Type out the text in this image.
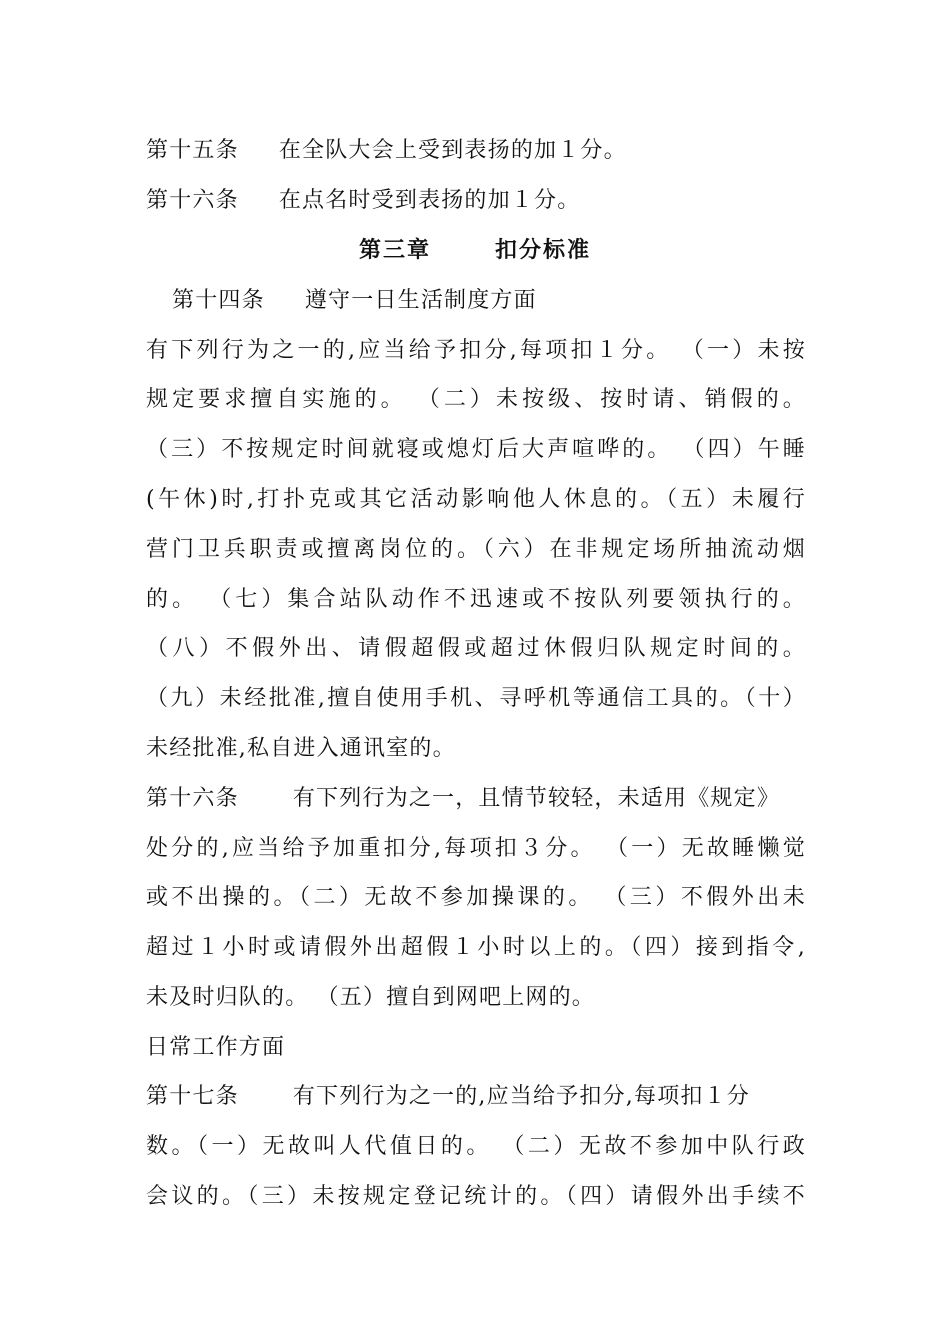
第十五条 在全队大会上受到表扬的加１分。
第十六条 在点名时受到表扬的加１分。
第三章	扣分标准
第十四条 遵守一日生活制度方面
有下列行为之一的,应当给予扣分,每项扣１分。 （一）未按
规定要求擅自实施的。 （二）未按级、按时请、销假的。
（三）不按规定时间就寝或熄灯后大声喧哗的。 （四）午睡
(午休)时,打扑克或其它活动影响他人休息的。（五）未履行
营门卫兵职责或擅离岗位的。（六）在非规定场所抽流动烟
的。 （七）集合站队动作不迅速或不按队列要领执行的。
（八）不假外出、请假超假或超过休假归队规定时间的。
（九）未经批准,擅自使用手机、寻呼机等通信工具的。（十）
未经批准,私自进入通讯室的。
第十六条 有下列行为之一，且情节较轻，未适用《规定》
处分的,应当给予加重扣分,每项扣３分。 （一）无故睡懒觉
或不出操的。（二）无故不参加操课的。 （三）不假外出未
超过１小时或请假外出超假１小时以上的。（四）接到指令,
未及时归队的。 （五）擅自到网吧上网的。
日常工作方面
第十七条 有下列行为之一的,应当给予扣分,每项扣１分
数。（一）无故叫人代值日的。 （二）无故不参加中队行政
会议的。（三）未按规定登记统计的。（四）请假外出手续不
